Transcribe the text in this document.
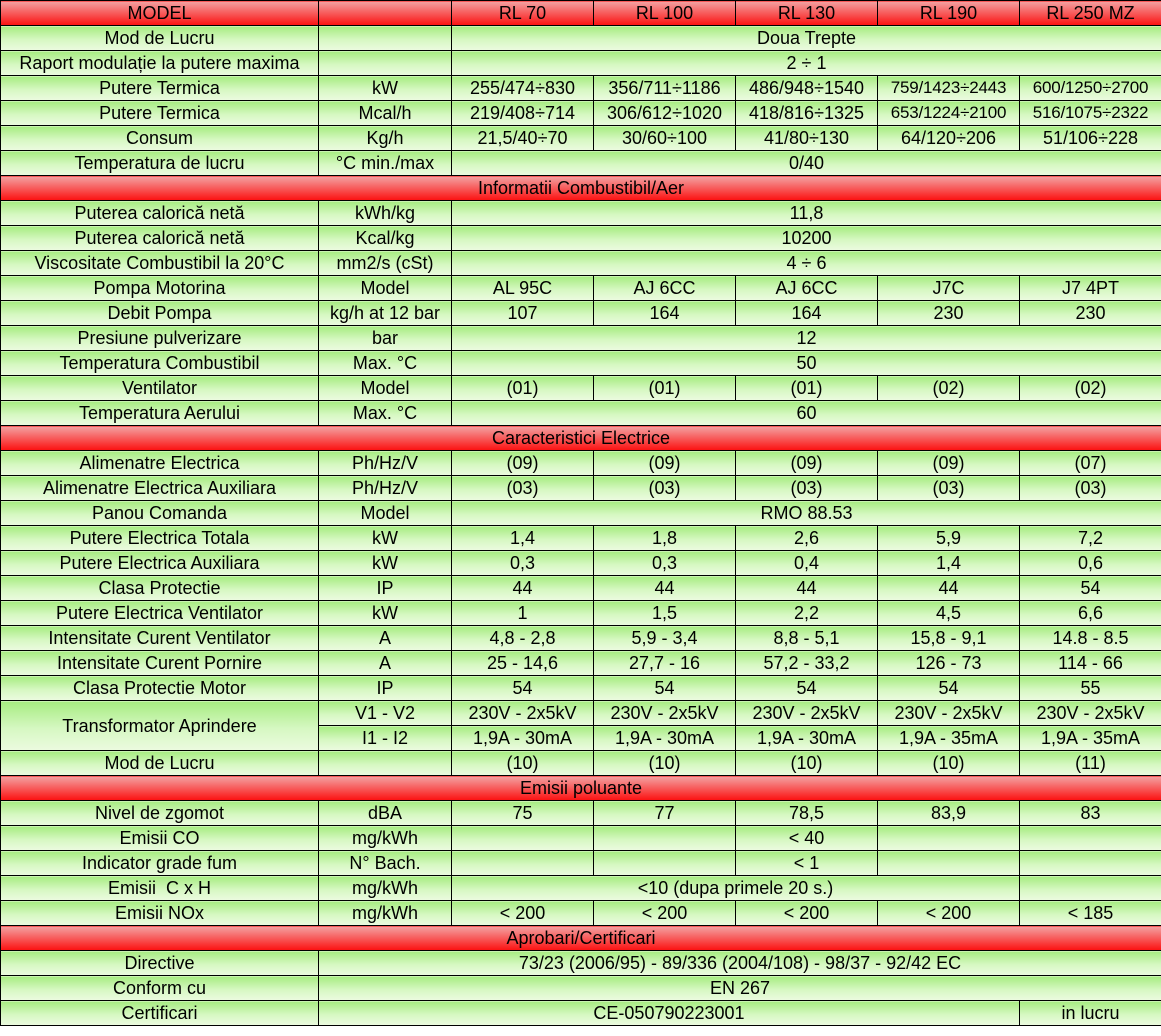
MODEL		RL 70	RL 100	RL 130	RL 190	RL 250 MZ
Mod de Lucru		Doua Trepte				
Raport modulație la putere maxima		2 ÷ 1				
Putere Termica	kW	255/474÷830	356/711÷1186	486/948÷1540	759/1423÷2443	600/1250÷2700
Putere Termica	Mcal/h	219/408÷714	306/612÷1020	418/816÷1325	653/1224÷2100	516/1075÷2322
Consum	Kg/h	21,5/40÷70	30/60÷100	41/80÷130	64/120÷206	51/106÷228
Temperatura de lucru	°C min./max	0/40				
Informatii Combustibil/Aer						
Puterea calorică netă	kWh/kg	11,8				
Puterea calorică netă	Kcal/kg	10200				
Viscositate Combustibil la 20°C	mm2/s (cSt)	4 ÷ 6				
Pompa Motorina	Model	AL 95C	AJ 6CC	AJ 6CC	J7C	J7 4PT
Debit Pompa	kg/h at 12 bar	107	164	164	230	230
Presiune pulverizare	bar	12				
Temperatura Combustibil	Max. °C	50				
Ventilator	Model	(01)	(01)	(01)	(02)	(02)
Temperatura Aerului	Max. °C	60				
Caracteristici Electrice						
Alimenatre Electrica	Ph/Hz/V	(09)	(09)	(09)	(09)	(07)
Alimenatre Electrica Auxiliara	Ph/Hz/V	(03)	(03)	(03)	(03)	(03)
Panou Comanda	Model	RMO 88.53				
Putere Electrica Totala	kW	1,4	1,8	2,6	5,9	7,2
Putere Electrica Auxiliara	kW	0,3	0,3	0,4	1,4	0,6
Clasa Protectie	IP	44	44	44	44	54
Putere Electrica Ventilator	kW	1	1,5	2,2	4,5	6,6
Intensitate Curent Ventilator	A	4,8 - 2,8	5,9 - 3,4	8,8 - 5,1	15,8 - 9,1	14.8 - 8.5
Intensitate Curent Pornire	A	25 - 14,6	27,7 - 16	57,2 - 33,2	126 - 73	114 - 66
Clasa Protectie Motor	IP	54	54	54	54	55
Transformator Aprindere	V1 - V2	230V - 2x5kV	230V - 2x5kV	230V - 2x5kV	230V - 2x5kV	230V - 2x5kV
	I1 - I2	1,9A - 30mA	1,9A - 30mA	1,9A - 30mA	1,9A - 35mA	1,9A - 35mA
Mod de Lucru		(10)	(10)	(10)	(10)	(11)
Emisii poluante						
Nivel de zgomot	dBA	75	77	78,5	83,9	83
Emisii CO	mg/kWh			< 40		
Indicator grade fum	N° Bach.			< 1		
Emisii  C x H	mg/kWh	<10 (dupa primele 20 s.)				
Emisii NOx	mg/kWh	< 200	< 200	< 200	< 200	< 185
Aprobari/Certificari						
Directive	73/23 (2006/95) - 89/336 (2004/108) - 98/37 - 92/42 EC					
Conform cu	EN 267					
Certificari	CE-050790223001					in lucru
